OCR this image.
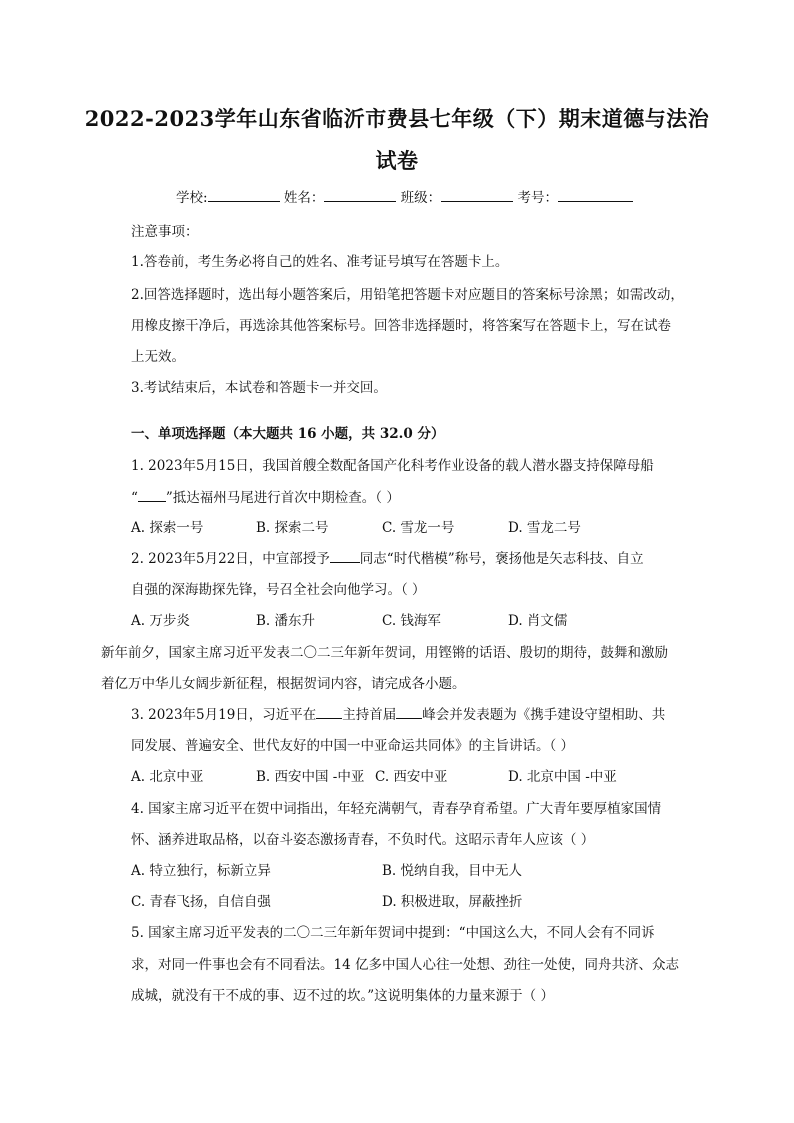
2022-2023学年山东省临沂市费县七年级（下）期末道德与法治
试卷
学校:	姓名：	班级：	考号：
注意事项：
1.答卷前，考生务必将自己的姓名、准考证号填写在答题卡上。
2.回答选择题时，选出每小题答案后，用铅笔把答题卡对应题目的答案标号涂黑；如需改动，
用橡皮擦干净后，再选涂其他答案标号。回答非选择题时，将答案写在答题卡上，写在试卷
上无效。
3.考试结束后，本试卷和答题卡一并交回。
一、单项选择题（本大题共 16 小题，共 32.0 分）
1. 2023年5月15日，我国首艘全数配备国产化科考作业设备的载人潜水器支持保障母船
“ ”抵达福州马尾进行首次中期检查。（ ）
A. 探索一号	B. 探索二号	C. 雪龙一号	D. 雪龙二号
2. 2023年5月22日，中宣部授予 同志“时代楷模”称号，褒扬他是矢志科技、自立
自强的深海勘探先锋，号召全社会向他学习。（ ）
A. 万步炎	B. 潘东升	C. 钱海军	D. 肖文儒
新年前夕，国家主席习近平发表二〇二三年新年贺词，用铿锵的话语、殷切的期待，鼓舞和激励
着亿万中华儿女阔步新征程，根据贺词内容，请完成各小题。
3. 2023年5月19日，习近平在 主持首届 峰会并发表题为《携手建设守望相助、共
同发展、普遍安全、世代友好的中国一中亚命运共同体》的主旨讲话。（ ）
A. 北京中亚	B. 西安中国 -中亚 C. 西安中亚	D. 北京中国 -中亚
4. 国家主席习近平在贺中词指出，年轻充满朝气，青春孕育希望。广大青年要厚植家国情
怀、涵养进取品格，以奋斗姿态激扬青春，不负时代。这昭示青年人应该（ ）
A. 特立独行，标新立异	B. 悦纳自我，目中无人
C. 青春飞扬，自信自强	D. 积极进取，屏蔽挫折
5. 国家主席习近平发表的二〇二三年新年贺词中提到：“中国这么大，不同人会有不同诉
求，对同一件事也会有不同看法。14 亿多中国人心往一处想、劲往一处使，同舟共济、众志
成城，就没有干不成的事、迈不过的坎。”这说明集体的力量来源于（ ）
